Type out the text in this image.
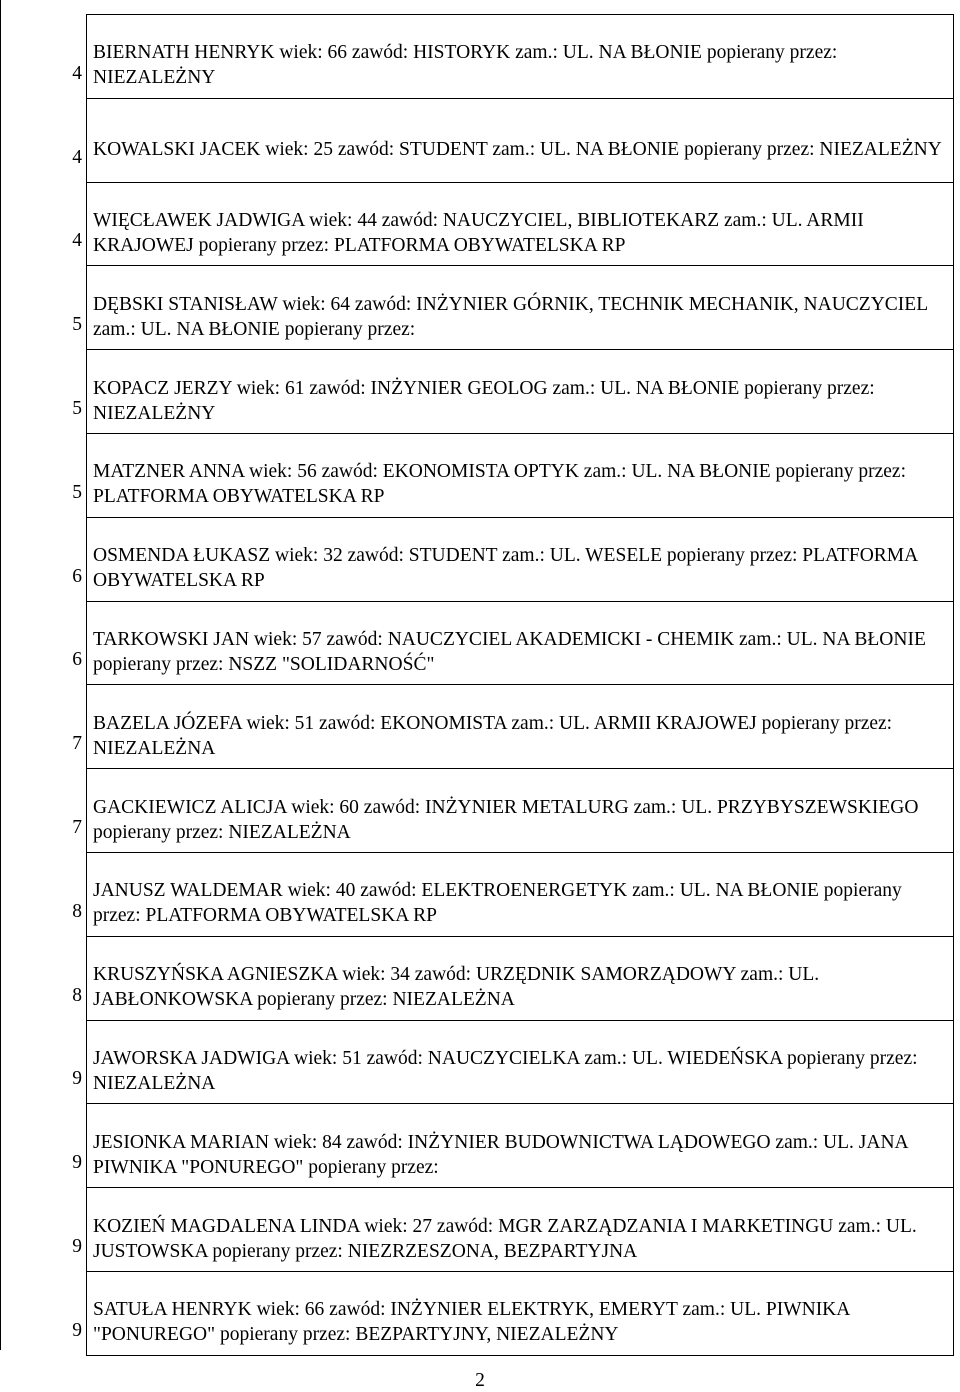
4
BIERNATH HENRYK wiek: 66 zawód: HISTORYK zam.: UL. NA BŁONIE popierany przez: NIEZALEŻNY

4 KOWALSKI JACEK wiek: 25 zawód: STUDENT zam.: UL. NA BŁONIE popierany przez: NIEZALEŻNY

4
WIĘCŁAWEK JADWIGA wiek: 44 zawód: NAUCZYCIEL, BIBLIOTEKARZ zam.: UL. ARMII KRAJOWEJ popierany przez: PLATFORMA OBYWATELSKA RP

5
DĘBSKI STANISŁAW wiek: 64 zawód: INŻYNIER GÓRNIK, TECHNIK MECHANIK, NAUCZYCIEL zam.: UL. NA BŁONIE popierany przez:

5
KOPACZ JERZY wiek: 61 zawód: INŻYNIER GEOLOG zam.: UL. NA BŁONIE popierany przez: NIEZALEŻNY

5
MATZNER ANNA wiek: 56 zawód: EKONOMISTA OPTYK zam.: UL. NA BŁONIE popierany przez: PLATFORMA OBYWATELSKA RP

6
OSMENDA ŁUKASZ wiek: 32 zawód: STUDENT zam.: UL. WESELE popierany przez: PLATFORMA OBYWATELSKA RP

6
TARKOWSKI JAN wiek: 57 zawód: NAUCZYCIEL AKADEMICKI - CHEMIK zam.: UL. NA BŁONIE popierany przez: NSZZ "SOLIDARNOŚĆ"

7
BAZELA JÓZEFA wiek: 51 zawód: EKONOMISTA zam.: UL. ARMII KRAJOWEJ popierany przez: NIEZALEŻNA

7
GACKIEWICZ ALICJA wiek: 60 zawód: INŻYNIER METALURG zam.: UL. PRZYBYSZEWSKIEGO popierany przez: NIEZALEŻNA

8
JANUSZ WALDEMAR wiek: 40 zawód: ELEKTROENERGETYK zam.: UL. NA BŁONIE popierany przez: PLATFORMA OBYWATELSKA RP

8
KRUSZYŃSKA AGNIESZKA wiek: 34 zawód: URZĘDNIK SAMORZĄDOWY zam.: UL. JABŁONKOWSKA popierany przez: NIEZALEŻNA

9
JAWORSKA JADWIGA wiek: 51 zawód: NAUCZYCIELKA zam.: UL. WIEDEŃSKA popierany przez: NIEZALEŻNA

9
JESIONKA MARIAN wiek: 84 zawód: INŻYNIER BUDOWNICTWA LĄDOWEGO zam.: UL. JANA PIWNIKA "PONUREGO" popierany przez:

9
KOZIEŃ MAGDALENA LINDA wiek: 27 zawód: MGR ZARZĄDZANIA I MARKETINGU zam.: UL. JUSTOWSKA popierany przez: NIEZRZESZONA, BEZPARTYJNA

9
SATUŁA HENRYK wiek: 66 zawód: INŻYNIER ELEKTRYK, EMERYT zam.: UL. PIWNIKA "PONUREGO" popierany przez: BEZPARTYJNY, NIEZALEŻNY
2
